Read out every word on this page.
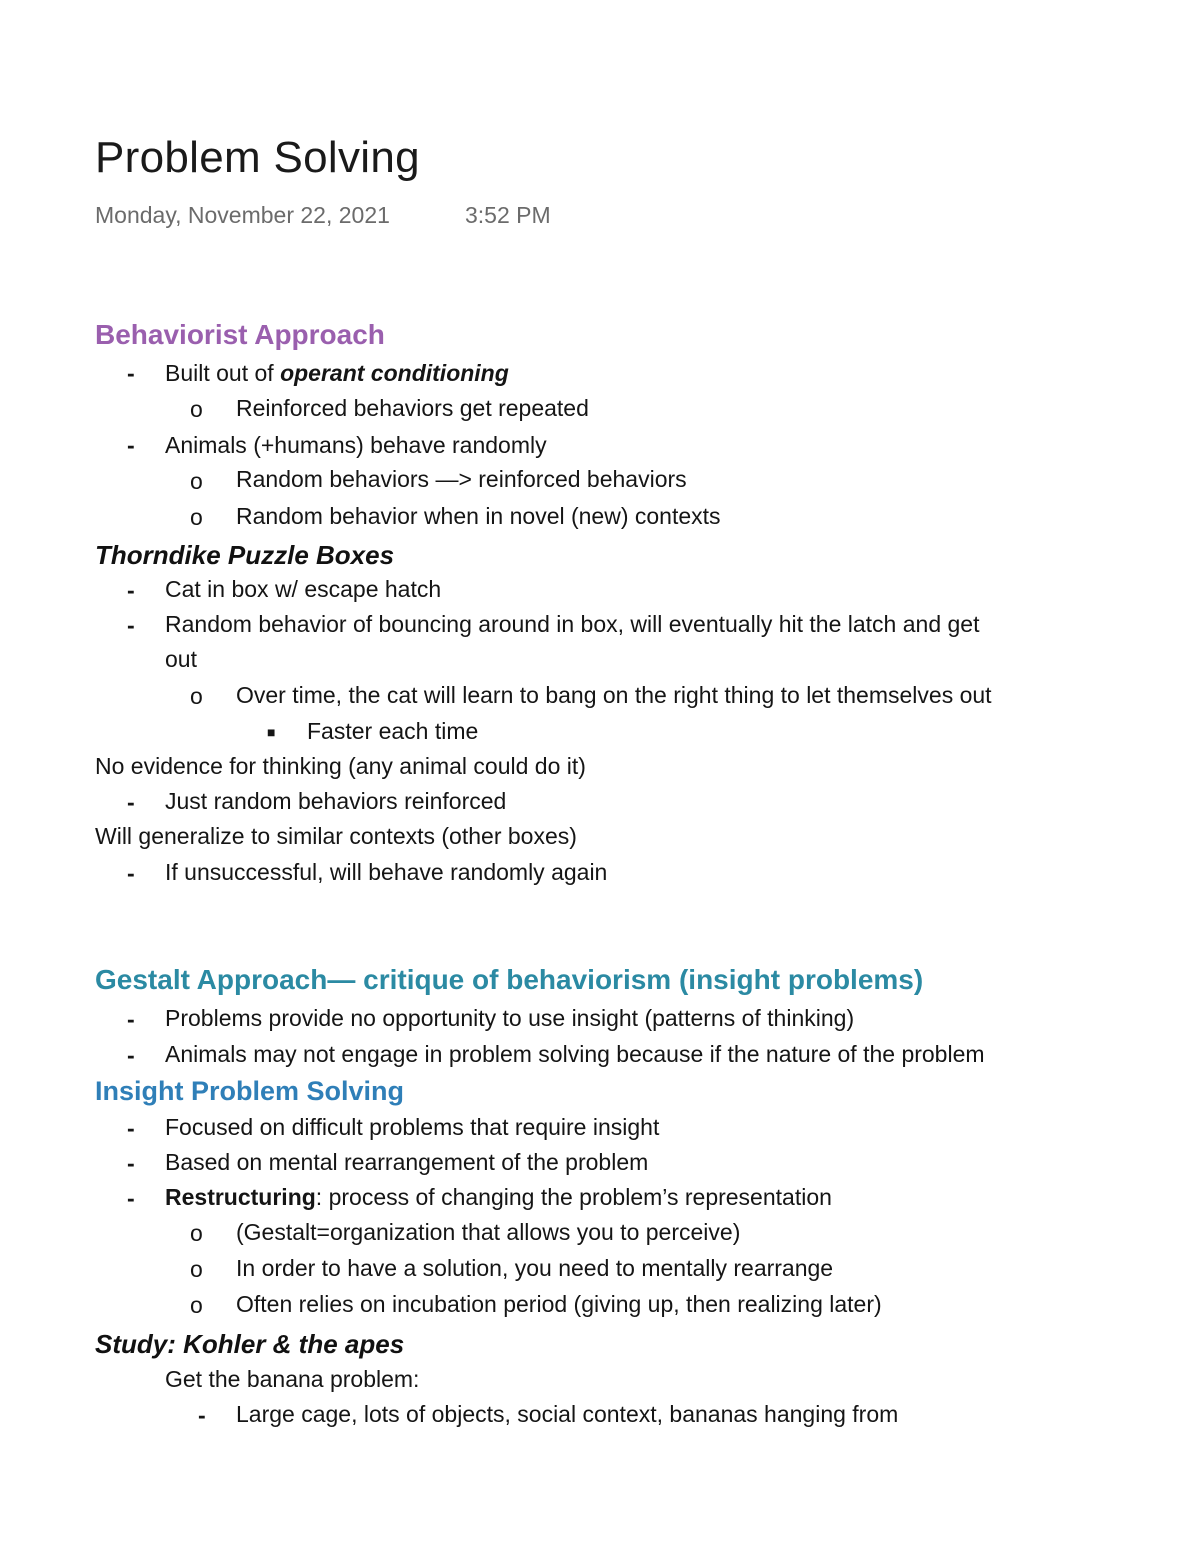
Problem Solving
Monday, November 22, 2021	3:52 PM
Behaviorist Approach
- Built out of operant conditioning
o Reinforced behaviors get repeated
- Animals (+humans) behave randomly
o Random behaviors —> reinforced behaviors
o Random behavior when in novel (new) contexts
Thorndike Puzzle Boxes
- Cat in box w/ escape hatch
- Random behavior of bouncing around in box, will eventually hit the latch and get
out
o Over time, the cat will learn to bang on the right thing to let themselves out
■ Faster each time
No evidence for thinking (any animal could do it)
- Just random behaviors reinforced
Will generalize to similar contexts (other boxes)
- If unsuccessful, will behave randomly again
Gestalt Approach— critique of behaviorism (insight problems)
- Problems provide no opportunity to use insight (patterns of thinking)
- Animals may not engage in problem solving because if the nature of the problem
Insight Problem Solving
- Focused on difficult problems that require insight
- Based on mental rearrangement of the problem
- Restructuring: process of changing the problem’s representation
o (Gestalt=organization that allows you to perceive)
o In order to have a solution, you need to mentally rearrange
o Often relies on incubation period (giving up, then realizing later)
Study: Kohler & the apes
Get the banana problem:
- Large cage, lots of objects, social context, bananas hanging from
